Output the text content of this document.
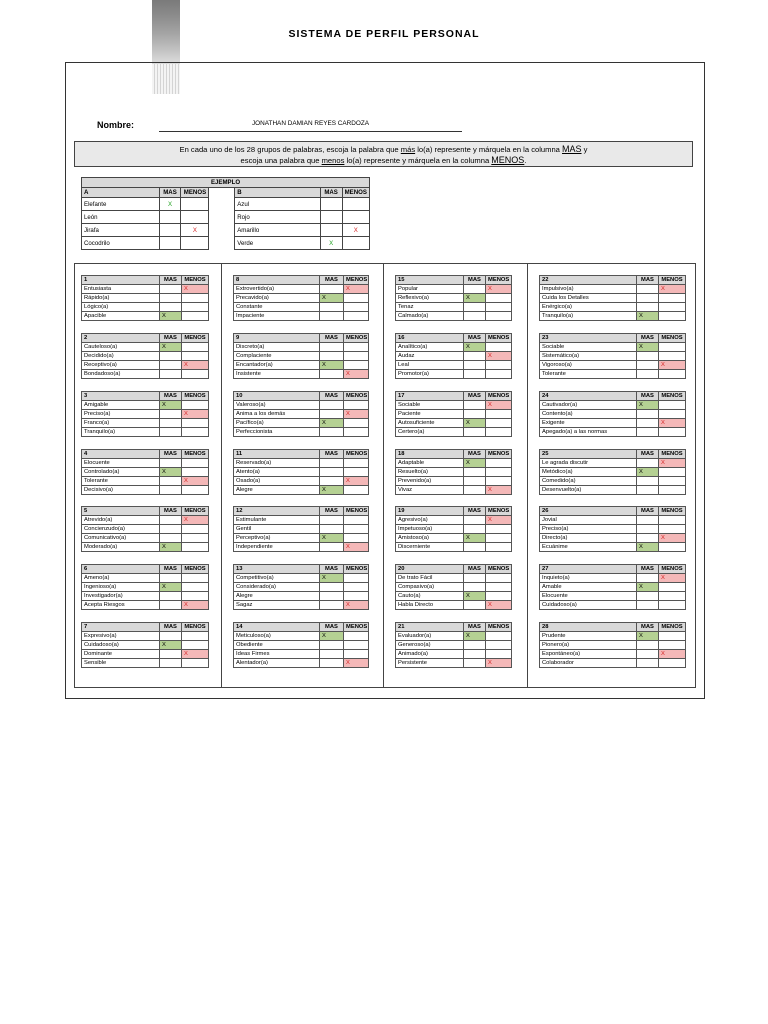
SISTEMA DE PERFIL PERSONAL
Nombre:	JONATHAN DAMIAN REYES CARDOZA
En cada uno de los 28 grupos de palabras, escoja la palabra que más lo(a) represente y márquela en la columna MAS y
escoja una palabra que menos lo(a) represente y márquela en la columna MENOS.
EJEMPLO						
A	MAS	MENOS		B	MAS	MENOS
Elefante	X			Azul		
León				Rojo		
Jirafa		X		Amarillo		X
Cocodrilo				Verde	X	
1	MAS	MENOS
Entusiasta		X
Rápido(a)		
Lógico(a)		
Apacible	X	
2	MAS	MENOS
Cauteloso(a)	X	
Decidido(a)		
Receptivo(a)		X
Bondadoso(a)		
3	MAS	MENOS
Amigable	X	
Preciso(a)		X
Franco(a)		
Tranquilo(a)		
4	MAS	MENOS
Elocuente		
Controlado(a)	X	
Tolerante		X
Decisivo(a)		
5	MAS	MENOS
Atrevido(a)		X
Concienzudo(a)		
Comunicativo(a)		
Moderado(a)	X	
6	MAS	MENOS
Ameno(a)		
Ingenioso(a)	X	
Investigador(a)		
Acepta Riesgos		X
7	MAS	MENOS
Expresivo(a)		
Cuidadoso(a)	X	
Dominante		X
Sensible		
8	MAS	MENOS
Extrovertido(a)		X
Precavido(a)	X	
Constante		
Impaciente		
9	MAS	MENOS
Discreto(a)		
Complaciente		
Encantador(a)	X	
Insistente		X
10	MAS	MENOS
Valeroso(a)		
Anima a los demás		X
Pacífico(a)	X	
Perfeccionista		
11	MAS	MENOS
Reservado(a)		
Atento(a)		
Osado(a)		X
Alegre	X	
12	MAS	MENOS
Estimulante		
Gentil		
Perceptivo(a)	X	
Independiente		X
13	MAS	MENOS
Competitivo(a)	X	
Considerado(a)		
Alegre		
Sagaz		X
14	MAS	MENOS
Meticuloso(a)	X	
Obediente		
Ideas Firmes		
Alentador(a)		X
15	MAS	MENOS
Popular		X
Reflexivo(a)	X	
Tenaz		
Calmado(a)		
16	MAS	MENOS
Analítico(a)	X	
Audaz		X
Leal		
Promotor(a)		
17	MAS	MENOS
Sociable		X
Paciente		
Autosuficiente	X	
Certero(a)		
18	MAS	MENOS
Adaptable	X	
Resuelto(a)		
Prevenido(a)		
Vivaz		X
19	MAS	MENOS
Agresivo(a)		X
Impetuoso(a)		
Amistoso(a)	X	
Discerniente		
20	MAS	MENOS
De trato Fácil		
Compasivo(a)		
Cauto(a)	X	
Habla Directo		X
21	MAS	MENOS
Evaluador(a)	X	
Generoso(a)		
Animado(a)		
Persistente		X
22	MAS	MENOS
Impulsivo(a)		X
Cuida los Detalles		
Enérgico(a)		
Tranquilo(a)	X	
23	MAS	MENOS
Sociable	X	
Sistemático(a)		
Vigoroso(a)		X
Tolerante		
24	MAS	MENOS
Cautivador(a)	X	
Contento(a)		
Exigente		X
Apegado(a) a las normas		
25	MAS	MENOS
Le agrada discutir		X
Metódico(a)	X	
Comedido(a)		
Desenvuelto(a)		
26	MAS	MENOS
Jovial		
Preciso(a)		
Directo(a)		X
Ecuánime	X	
27	MAS	MENOS
Inquieto(a)		X
Amable	X	
Elocuente		
Cuidadoso(a)		
28	MAS	MENOS
Prudente	X	
Pionero(a)		
Espontáneo(a)		X
Colaborador		
